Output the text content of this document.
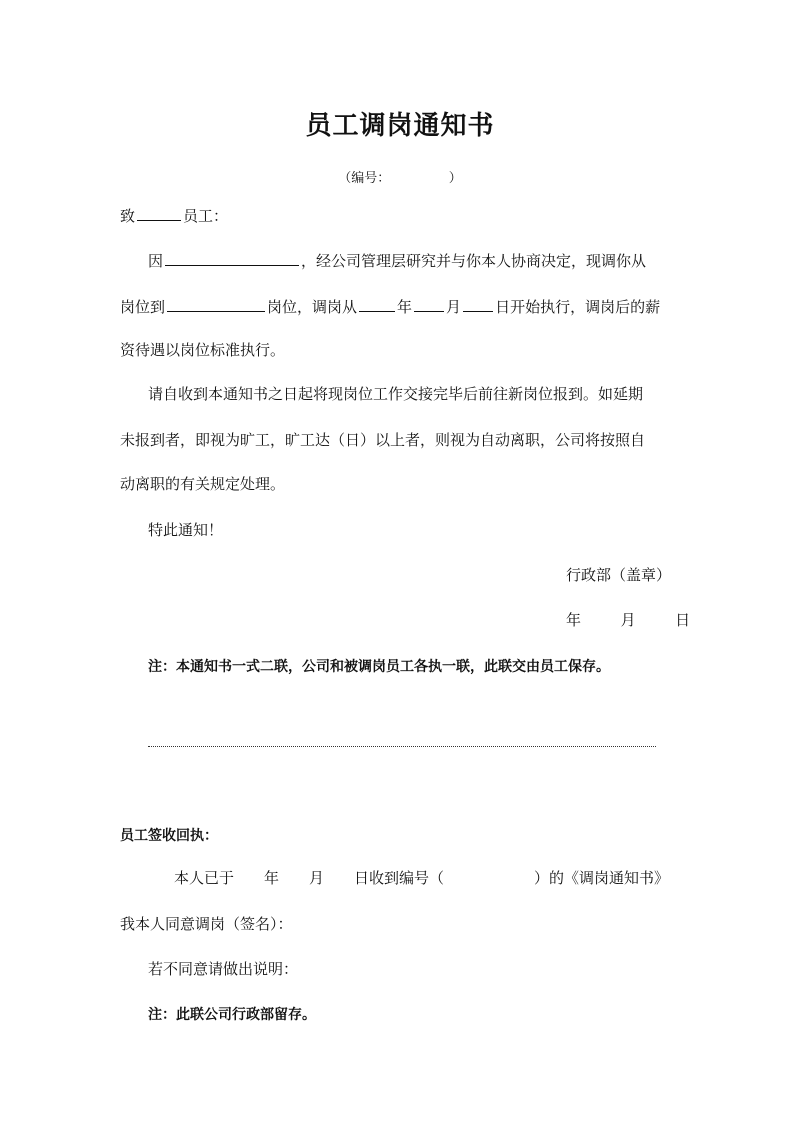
员工调岗通知书
（编号：　　　　　）
致	员工：
因	，经公司管理层研究并与你本人协商决定，现调你从
岗位到	岗位，调岗从	年 月 日开始执行，调岗后的薪
资待遇以岗位标准执行。
请自收到本通知书之日起将现岗位工作交接完毕后前往新岗位报到。如延期
未报到者，即视为旷工，旷工达（日）以上者，则视为自动离职，公司将按照自
动离职的有关规定处理。
特此通知！
行政部（盖章）
年	月	日
注：本通知书一式二联，公司和被调岗员工各执一联，此联交由员工保存。
员工签收回执：
本人已于　　年　　月　　日收到编号（　　　　　　）的《调岗通知书》
我本人同意调岗（签名）：
若不同意请做出说明：
注：此联公司行政部留存。
